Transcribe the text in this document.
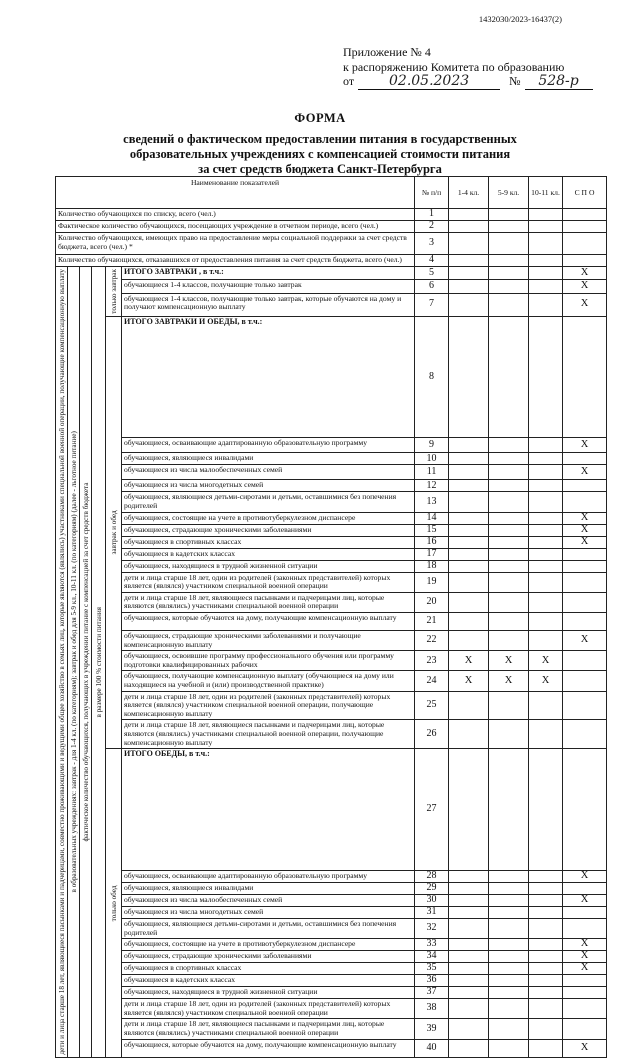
1432030/2023-16437(2)
Приложение № 4
к распоряжению Комитета по образованию
от 02.05.2023	№ 528-р
ФОРМА
сведений о фактическом предоставлении питания в государственных
образовательных учреждениях с компенсацией стоимости питания
за счет средств бюджета Санкт-Петербурга
Наименование показателей						№ п/п	1-4 кл.	5-9 кл.	10-11 кл.	С П О
Количество обучающихся по списку, всего (чел.)						1				
Фактическое количество обучающихся, посещающих учреждение в отчетном периоде, всего (чел.)						2				
Количество обучающихся, имеющих право на предоставление меры социальной поддержки за счет средств бюджета, всего (чел.) *						3				
Количество обучающихся, отказавшихся от предоставления питания за счет средств бюджета, всего (чел.)						4				
дети и лица старше 18 лет, являющиеся пасынками и падчерицами, совместно проживающими и ведущими общее хозяйство в семьях лиц, которые являются (являлись) участниками специальной военной операции, получающие компенсационную выплату	в образовательных учреждениях: завтрак - для 1-4 кл. (по категориям); завтрак и обед для 5-9 кл., 10-11 кл. (по категориям) (далее - льготное питание)	фактическое количество обучающихся, получающих в учреждении питание с компенсацией за счет средств бюджета	в размере 100 % стоимости питания	только завтрак	ИТОГО ЗАВТРАКИ , в т.ч.:	5				X
					обучающиеся 1-4 классов, получающие только завтрак	6				X
					обучающиеся 1-4 классов, получающие только завтрак, которые обучаются на дому и получают компенсационную выплату	7				X
				завтрак и обед	ИТОГО ЗАВТРАКИ И ОБЕДЫ, в т.ч.:	8				
					обучающиеся, осваивающие адаптированную образовательную программу	9				X
					обучающиеся, являющиеся инвалидами	10				
					обучающиеся из числа малообеспеченных семей	11				X
					обучающиеся из числа многодетных семей	12				
					обучающиеся, являющиеся детьми-сиротами и детьми, оставшимися без попечения родителей	13				
					обучающиеся, состоящие на учете в противотуберкулезном диспансере	14				X
					обучающиеся, страдающие хроническими заболеваниями	15				X
					обучающиеся в спортивных классах	16				X
					обучающиеся в кадетских классах	17				
					обучающиеся, находящиеся в трудной жизненной ситуации	18				
					дети и лица старше 18 лет, один из родителей (законных представителей) которых является (являлся) участником специальной военной операции	19				
					дети и лица старше 18 лет, являющиеся пасынками и падчерицами лиц, которые являются (являлись) участниками специальной военной операции	20				
					обучающиеся, которые обучаются на дому, получающие компенсационную выплату	21				
					обучающиеся, страдающие хроническими заболеваниями и получающие компенсационную выплату	22				X
					обучающиеся, освоившие программу профессионального обучения или программу подготовки квалифицированных рабочих	23	X	X	X	
					обучающиеся, получающие компенсационную выплату (обучающиеся на дому или находящиеся на учебной и (или) производственной практике)	24	X	X	X	
					дети и лица старше 18 лет, один из родителей (законных представителей) которых является (являлся) участником специальной военной операции, получающие компенсационную выплату	25				
					дети и лица старше 18 лет, являющиеся пасынками и падчерицами лиц, которые являются (являлись) участниками специальной военной операции, получающие компенсационную выплату	26				
				только обед	ИТОГО ОБЕДЫ, в т.ч.:	27				
					обучающиеся, осваивающие адаптированную образовательную программу	28				X
					обучающиеся, являющиеся инвалидами	29				
					обучающиеся из числа малообеспеченных семей	30				X
					обучающиеся из числа многодетных семей	31				
					обучающиеся, являющиеся детьми-сиротами и детьми, оставшимися без попечения родителей	32				
					обучающиеся, состоящие на учете в противотуберкулезном диспансере	33				X
					обучающиеся, страдающие хроническими заболеваниями	34				X
					обучающиеся в спортивных классах	35				X
					обучающиеся в кадетских классах	36				
					обучающиеся, находящиеся в трудной жизненной ситуации	37				
					дети и лица старше 18 лет, один из родителей (законных представителей) которых является (являлся) участником специальной военной операции	38				
					дети и лица старше 18 лет, являющиеся пасынками и падчерицами лиц, которые являются (являлись) участниками специальной военной операции	39				
					обучающиеся, которые обучаются на дому, получающие компенсационную выплату	40				X
